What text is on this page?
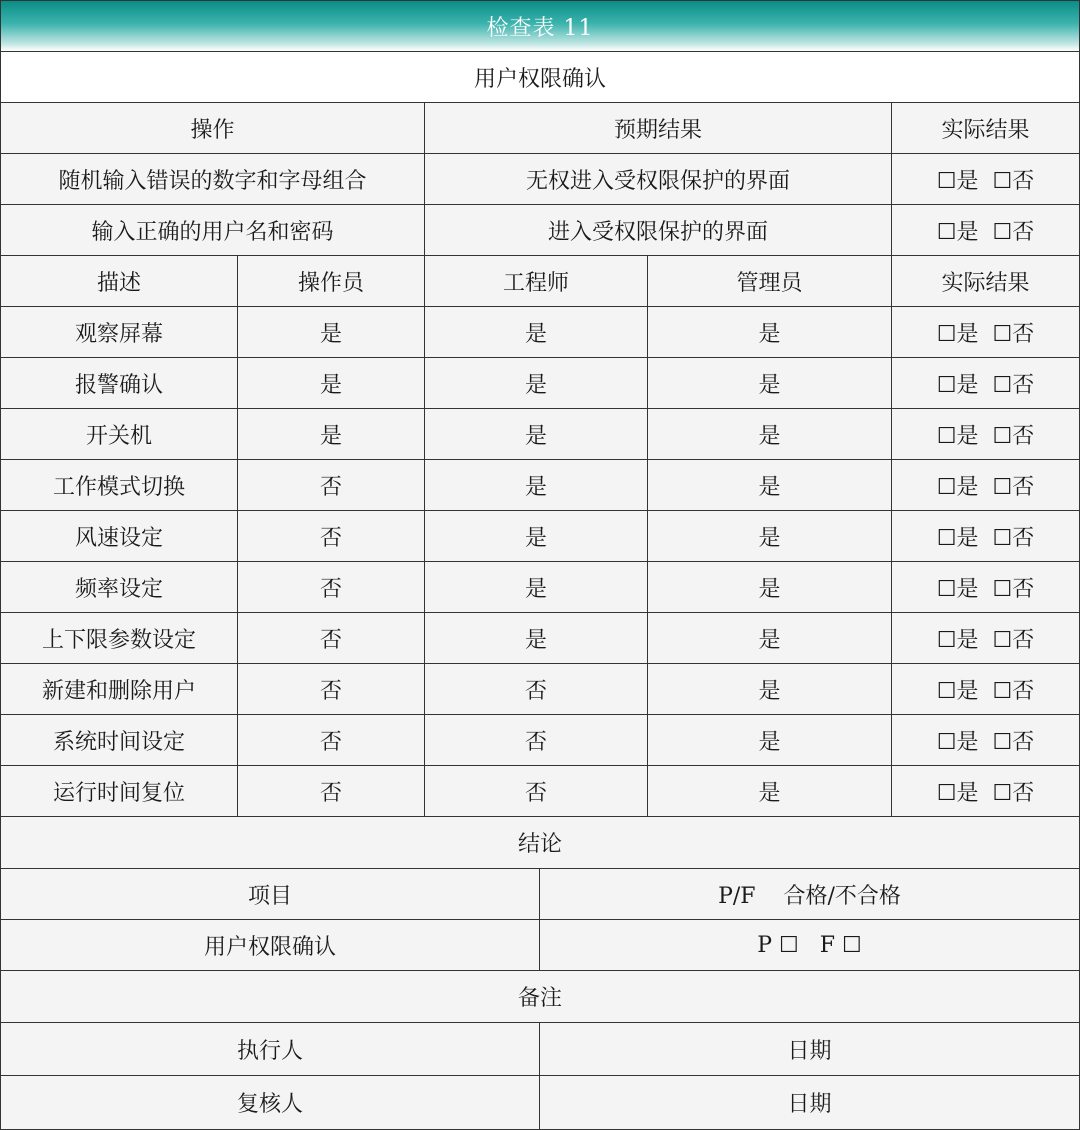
检查表 11
用户权限确认
操作	预期结果	实际结果
随机输入错误的数字和字母组合	无权进入受权限保护的界面	☐是  ☐否
输入正确的用户名和密码	进入受权限保护的界面	☐是  ☐否
描述	操作员	工程师	管理员	实际结果
观察屏幕	是	是	是	☐是  ☐否
报警确认	是	是	是	☐是  ☐否
开关机	是	是	是	☐是  ☐否
工作模式切换	否	是	是	☐是  ☐否
风速设定	否	是	是	☐是  ☐否
频率设定	否	是	是	☐是  ☐否
上下限参数设定	否	是	是	☐是  ☐否
新建和删除用户	否	否	是	☐是  ☐否
系统时间设定	否	否	是	☐是  ☐否
运行时间复位	否	否	是	☐是  ☐否
结论
项目	P/F    合格/不合格
用户权限确认	P ☐   F ☐
备注
执行人	日期
复核人	日期
